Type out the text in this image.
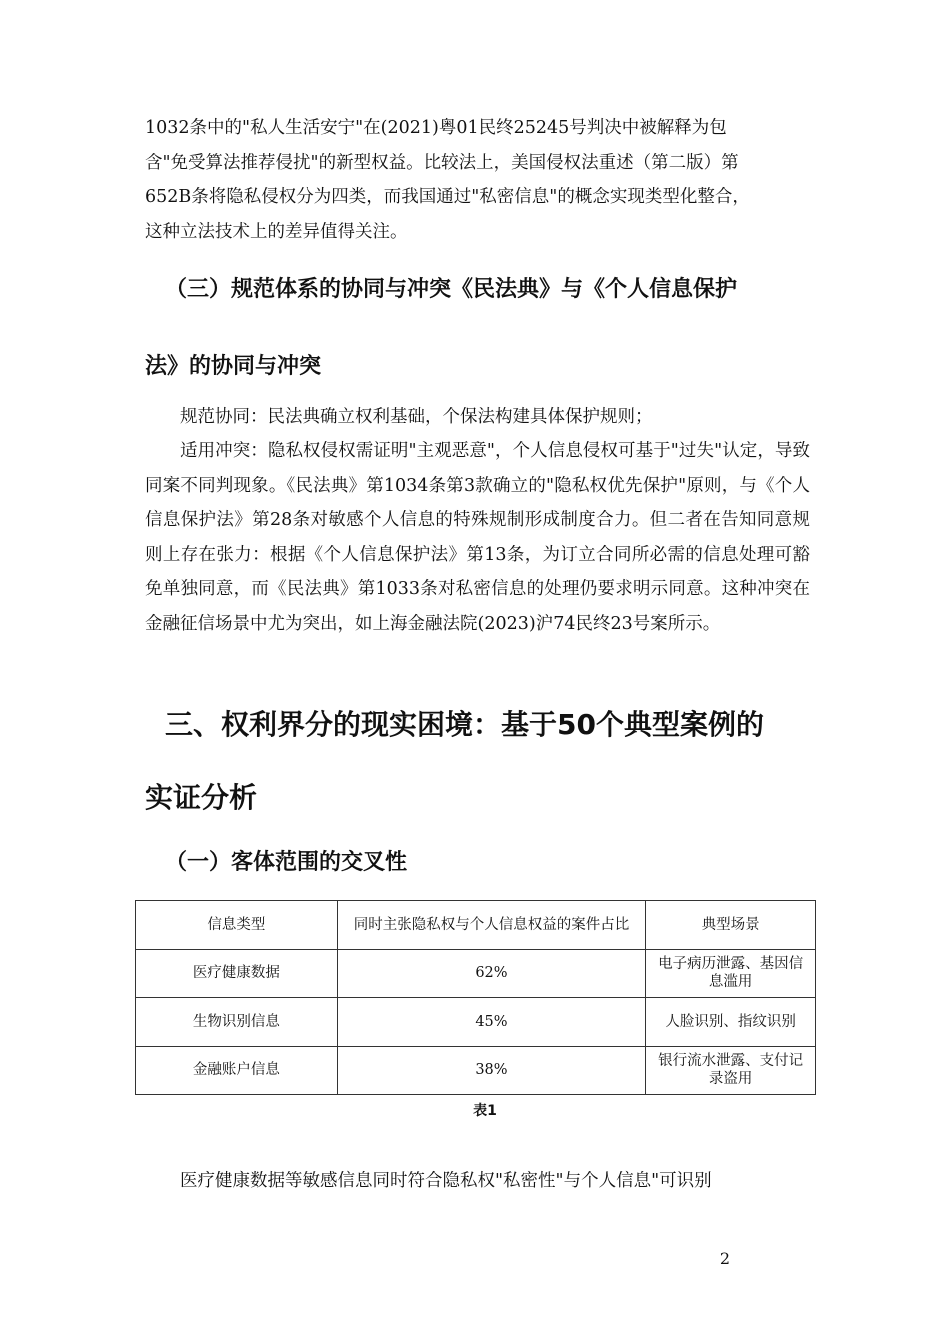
1032条中的"私人生活安宁"在(2021)粤01民终25245号判决中被解释为包

含"免受算法推荐侵扰"的新型权益。比较法上，美国侵权法重述（第二版）第

652B条将隐私侵权分为四类，而我国通过"私密信息"的概念实现类型化整合，

这种立法技术上的差异值得关注。

（三）规范体系的协同与冲突《民法典》与《个人信息保护
法》的协同与冲突
规范协同：民法典确立权利基础，个保法构建具体保护规则；
适用冲突：隐私权侵权需证明"主观恶意"，个人信息侵权可基于"过失"认定，导致同案不同判现象。《民法典》第1034条第3款确立的"隐私权优先保护"原则，与《个人信息保护法》第28条对敏感个人信息的特殊规制形成制度合力。但二者在告知同意规则上存在张力：根据《个人信息保护法》第13条，为订立合同所必需的信息处理可豁免单独同意，而《民法典》第1033条对私密信息的处理仍要求明示同意。这种冲突在金融征信场景中尤为突出，如上海金融法院(2023)沪74民终23号案所示。
三、权利界分的现实困境：基于50个典型案例的
实证分析
（一）客体范围的交叉性
信息类型	同时主张隐私权与个人信息权益的案件占比	典型场景
医疗健康数据	62%	电子病历泄露、基因信息滥用
生物识别信息	45%	人脸识别、指纹识别
金融账户信息	38%	银行流水泄露、支付记录盗用
表1
医疗健康数据等敏感信息同时符合隐私权"私密性"与个人信息"可识别
2
